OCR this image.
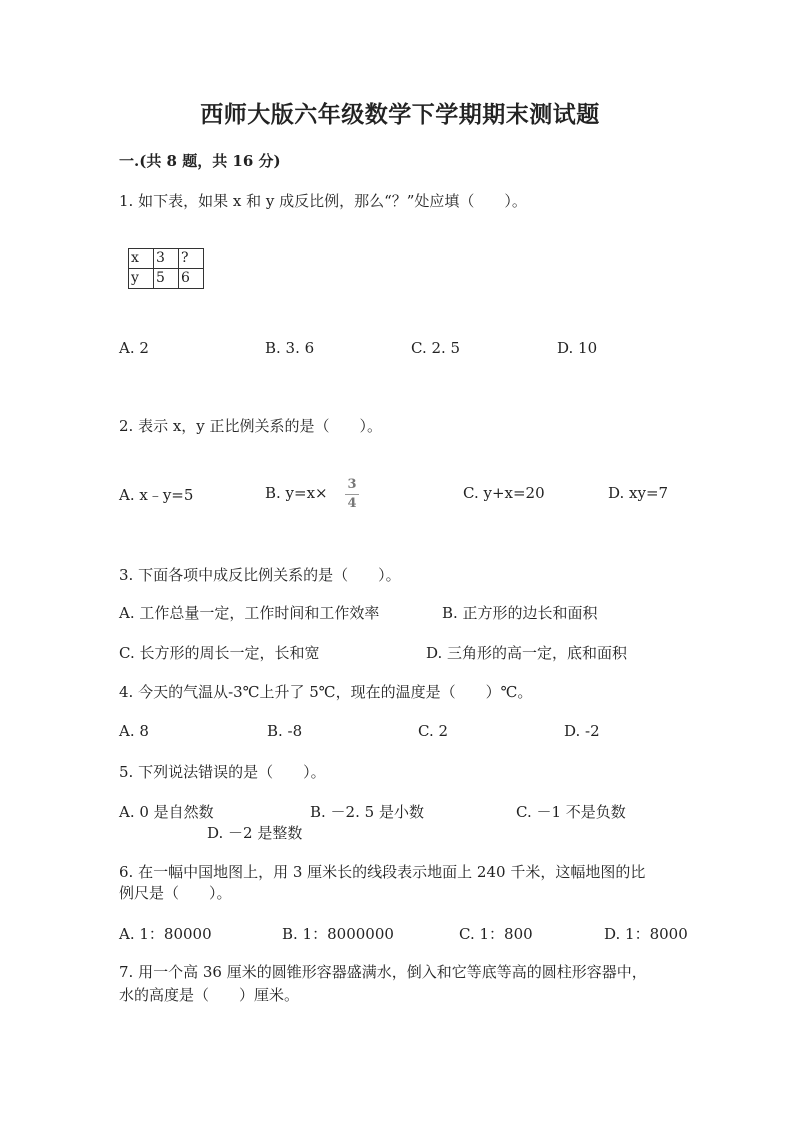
西师大版六年级数学下学期期末测试题
一.(共 8 题，共 16 分)
1. 如下表，如果 x 和 y 成反比例，那么“？”处应填（　　）。
x	3	?
y	5	6
A. 2	B. 3. 6	C. 2. 5	D. 10
2. 表示 x，y 正比例关系的是（　　）。
A. x﹣y=5	B. y=x× 3
4
C. y+x=20	D. xy=7
3. 下面各项中成反比例关系的是（　　）。
A. 工作总量一定，工作时间和工作效率	B. 正方形的边长和面积
C. 长方形的周长一定，长和宽	D. 三角形的高一定，底和面积
4. 今天的气温从-3℃上升了 5℃，现在的温度是（　　）℃。
A. 8	B. -8	C. 2	D. -2
5. 下列说法错误的是（　　）。
A. 0 是自然数	B. －2. 5 是小数	C. －1 不是负数
D. －2 是整数
6. 在一幅中国地图上，用 3 厘米长的线段表示地面上 240 千米，这幅地图的比
例尺是（　　）。
A. 1：80000	B. 1：8000000	C. 1：800	D. 1：8000
7. 用一个高 36 厘米的圆锥形容器盛满水，倒入和它等底等高的圆柱形容器中，
水的高度是（　　）厘米。
